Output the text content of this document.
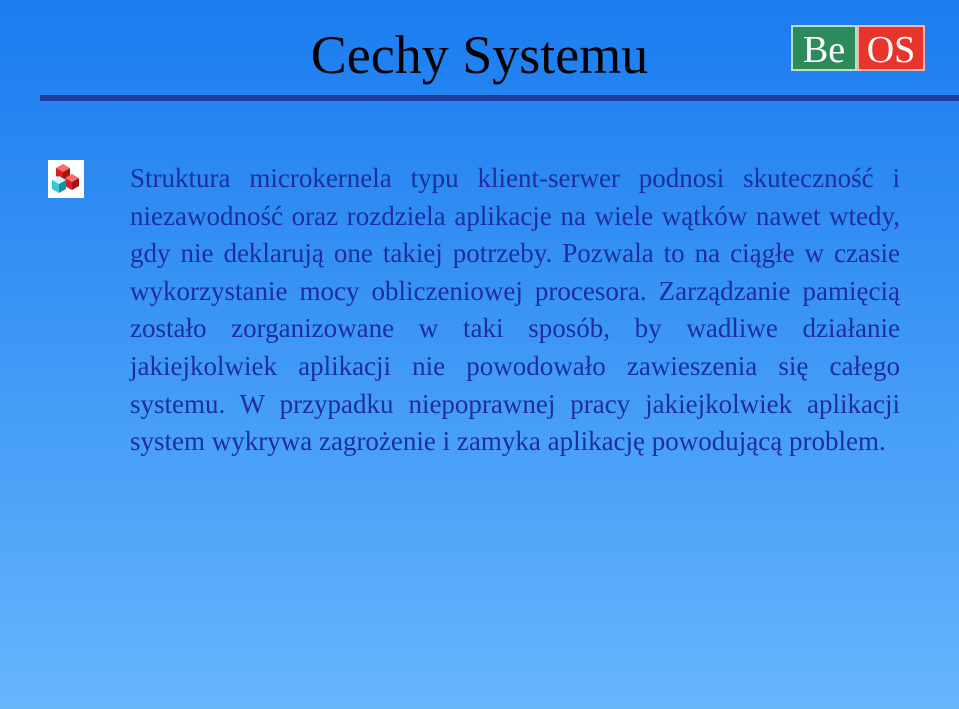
Cechy Systemu	Be OS

Struktura microkernela typu klient-serwer podnosi skuteczność i niezawodność oraz rozdziela aplikacje na wiele wątków nawet wtedy, gdy nie deklarują one takiej potrzeby. Pozwala to na ciągłe w czasie wykorzystanie mocy obliczeniowej procesora. Zarządzanie pamięcią zostało zorganizowane w taki sposób, by wadliwe działanie jakiejkolwiek aplikacji nie powodowało zawieszenia się całego systemu. W przypadku niepoprawnej pracy jakiejkolwiek aplikacji system wykrywa zagrożenie i zamyka aplikację powodującą problem.
